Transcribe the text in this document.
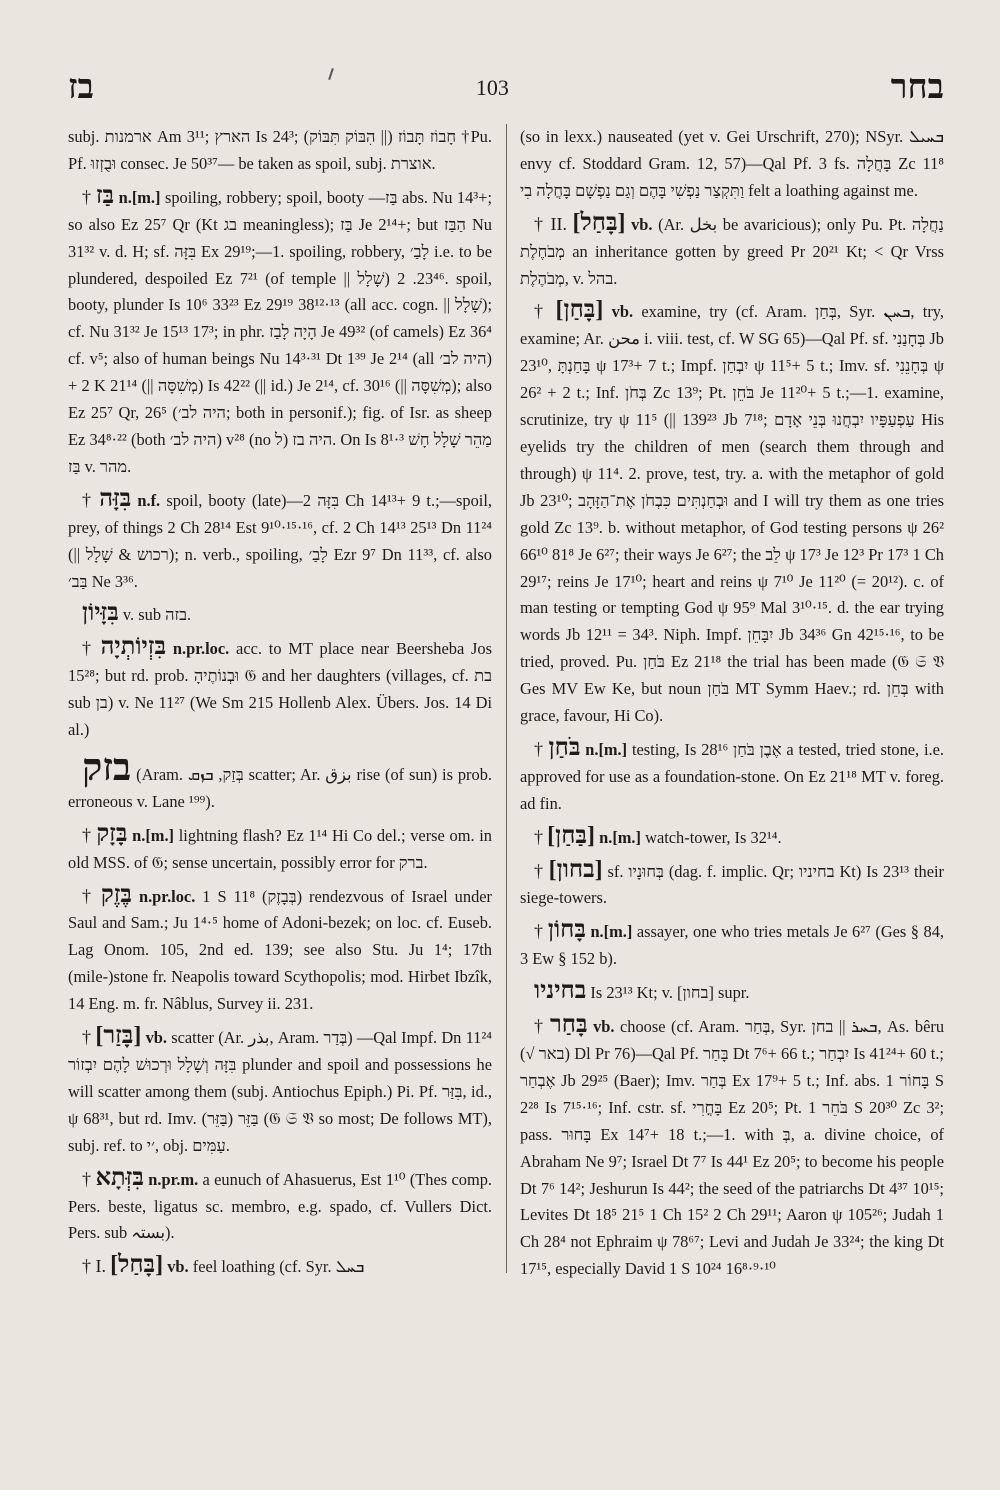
בז	103	בחר

subj. ארמנות Am 3¹¹; הארץ Is 24³; חָבוֹז תָּבוֹז (|| הִבּוֹק תִּבּוֹק) †Pu. Pf. וּבֻזְזוּ consec. Je 50³⁷— be taken as spoil, subj. אוצרת.

† בַּז n.[m.] spoiling, robbery; spoil, booty —בַּז abs. Nu 14³+; so also Ez 25⁷ Qr (Kt בג meaningless); בַּז Je 2¹⁴+; but הַבַּז Nu 31³² v. d. H; sf. בִּזָּה Ex 29¹⁹;—1. spoiling, robbery, לָבַ׳ i.e. to be plundered, despoiled Ez 7²¹ (of temple || שָׁלָל) 23⁴⁶. 2. spoil, booty, plunder Is 10⁶ 33²³ Ez 29¹⁹ 38¹²·¹³ (all acc. cogn. || שָׁלָל); cf. Nu 31³² Je 15¹³ 17³; in phr. הָיָה לָבַז Je 49³² (of camels) Ez 36⁴ cf. v⁵; also of human beings Nu 14³·³¹ Dt 1³⁹ Je 2¹⁴ (all היה לב׳) + 2 K 21¹⁴ (|| מְשִׁסָּה) Is 42²² (|| id.) Je 2¹⁴, cf. 30¹⁶ (|| מְשִׁסָּה); also Ez 25⁷ Qr, 26⁵ (היה לב׳; both in personif.); fig. of Isr. as sheep Ez 34⁸·²² (both היה לב׳) v²⁸ (no ל) היה בז. On Is 8¹·³ מַהֵר שָׁלָל חָשׁ בַּז v. מהר.

† בִּזָּה n.f. spoil, booty (late)—בִּזָּה 2 Ch 14¹³+ 9 t.;—spoil, prey, of things 2 Ch 28¹⁴ Est 9¹⁰·¹⁵·¹⁶, cf. 2 Ch 14¹³ 25¹³ Dn 11²⁴ (|| רכוש & שָׁלָל); n. verb., spoiling, לָבַ׳ Ezr 9⁷ Dn 11³³, cf. also בַּב׳ Ne 3³⁶.

בִּזָּיוֹן v. sub בזה.

† בִּזְיוֹתְיָה n.pr.loc. acc. to MT place near Beersheba Jos 15²⁸; but rd. prob. וּבְנוֹתֶיהָ 𝔊 and her daughters (villages, cf. בת sub בן) v. Ne 11²⁷ (We Sm 215 Hollenb Alex. Übers. Jos. 14 Di al.)

בזק (Aram. בְּזַק, ܒܙܩ scatter; Ar. بزق rise (of sun) is prob. erroneous v. Lane ¹⁹⁹).

† בָּזָק n.[m.] lightning flash? Ez 1¹⁴ Hi Co del.; verse om. in old MSS. of 𝔊; sense uncertain, possibly error for ברק.

† בֶּזֶק n.pr.loc. 1 S 11⁸ (בְּבָזֶק) rendezvous of Israel under Saul and Sam.; Ju 1⁴·⁵ home of Adoni-bezek; on loc. cf. Euseb. Lag Onom. 105, 2nd ed. 139; see also Stu. Ju 1⁴; 17th (mile-)stone fr. Neapolis toward Scythopolis; mod. Hirbet Ibzîk, 14 Eng. m. fr. Nâblus, Survey ii. 231.

† [בָּזַר] vb. scatter (Ar. بذر, Aram. בְּדַר) —Qal Impf. Dn 11²⁴ בִּזָּה וְשָׁלָל וּרְכוּשׁ לָהֶם יִבְזוֹר plunder and spoil and possessions he will scatter among them (subj. Antiochus Epiph.) Pi. Pf. בִּזַּר, id., ψ 68³¹, but rd. Imv. בַּזֵּר (בַּזֵּר) (𝔊 𝔖 𝔙 so most; De follows MT), subj. ref. to ׳י, obj. עַמִּים.

† בִּזְּתָא n.pr.m. a eunuch of Ahasuerus, Est 1¹⁰ (Thes comp. Pers. beste, ligatus sc. membro, e.g. spado, cf. Vullers Dict. Pers. sub بستہ).

† I. [בָּחַל] vb. feel loathing (cf. Syr. ܒܚܠ

(so in lexx.) nauseated (yet v. Gei Urschrift, 270); NSyr. ܒܚܝܠ envy cf. Stoddard Gram. 12, 57)—Qal Pf. 3 fs. בָּחֲלָה Zc 11⁸ וַתִּקְצַר נַפְשִׁי בָּהֶם וְגַם נַפְשָׁם בָּחֲלָה בִי felt a loathing against me.

† II. [בָּחַל] vb. (Ar. بخل be avaricious); only Pu. Pt. נַחֲלָה מְבֹחֶלֶת an inheritance gotten by greed Pr 20²¹ Kt; < Qr Vrss מְבֹהֶלֶת, v. בהל.

† [בָּחַן] vb. examine, try (cf. Aram. בְּחַן, Syr. ܒܚܢ, try, examine; Ar. محن i. viii. test, cf. W SG 65)—Qal Pf. sf. בְּחָנַנִי Jb 23¹⁰, בָּחַנְתָּ ψ 17³+ 7 t.; Impf. יִבְחַן ψ 11⁵+ 5 t.; Imv. sf. בְּחָנֵנִי ψ 26² + 2 t.; Inf. בְּחֹן Zc 13⁹; Pt. בֹּחֵן Je 11²⁰+ 5 t.;—1. examine, scrutinize, try ψ 11⁵ (|| 139²³ Jb 7¹⁸; עַפְעַפָּיו יִבְחֲנוּ בְּנֵי אָדָם His eyelids try the children of men (search them through and through) ψ 11⁴. 2. prove, test, try. a. with the metaphor of gold Jb 23¹⁰; וּבְחַנְתִּים כִּבְחֹן אֶת־הַזָּהָב and I will try them as one tries gold Zc 13⁹. b. without metaphor, of God testing persons ψ 26² 66¹⁰ 81⁸ Je 6²⁷; their ways Je 6²⁷; the לֵב ψ 17³ Je 12³ Pr 17³ 1 Ch 29¹⁷; reins Je 17¹⁰; heart and reins ψ 7¹⁰ Je 11²⁰ (= 20¹²). c. of man testing or tempting God ψ 95⁹ Mal 3¹⁰·¹⁵. d. the ear trying words Jb 12¹¹ = 34³. Niph. Impf. יִבָּחֵן Jb 34³⁶ Gn 42¹⁵·¹⁶, to be tried, proved. Pu. בֹּחַן Ez 21¹⁸ the trial has been made (𝔊 𝔖 𝔙 Ges MV Ew Ke, but noun בֹּחַן MT Symm Haev.; rd. בְּחֵן with grace, favour, Hi Co).

† בֹּחַן n.[m.] testing, Is 28¹⁶ אֶבֶן בֹּחַן a tested, tried stone, i.e. approved for use as a foundation-stone. On Ez 21¹⁸ MT v. foreg. ad fin.

† [בַּחַן] n.[m.] watch-tower, Is 32¹⁴.

† [בחון] sf. בְּחוּנָיו (dag. f. implic. Qr; בחיניו Kt) Is 23¹³ their siege-towers.

† בָּחוֹן n.[m.] assayer, one who tries metals Je 6²⁷ (Ges § 84, 3 Ew § 152 b).

בחיניו Is 23¹³ Kt; v. [בחון] supr.

† בָּחַר vb. choose (cf. Aram. בְּחַר, Syr. ܒܚܪ || בחן, As. bêru (√ באר) Dl Pr 76)—Qal Pf. בָּחַר Dt 7⁶+ 66 t.; יִבְחַר Is 41²⁴+ 60 t.; אֶבְחַר Jb 29²⁵ (Baer); Imv. בְּחַר Ex 17⁹+ 5 t.; Inf. abs. בָּחוֹר 1 S 2²⁸ Is 7¹⁵·¹⁶; Inf. cstr. sf. בָּחֳרִי Ez 20⁵; Pt. בֹּחֵר 1 S 20³⁰ Zc 3²; pass. בָּחוּר Ex 14⁷+ 18 t.;—1. with בְּ, a. divine choice, of Abraham Ne 9⁷; Israel Dt 7⁷ Is 44¹ Ez 20⁵; to become his people Dt 7⁶ 14²; Jeshurun Is 44²; the seed of the patriarchs Dt 4³⁷ 10¹⁵; Levites Dt 18⁵ 21⁵ 1 Ch 15² 2 Ch 29¹¹; Aaron ψ 105²⁶; Judah 1 Ch 28⁴ not Ephraim ψ 78⁶⁷; Levi and Judah Je 33²⁴; the king Dt 17¹⁵, especially David 1 S 10²⁴ 16⁸·⁹·¹⁰
